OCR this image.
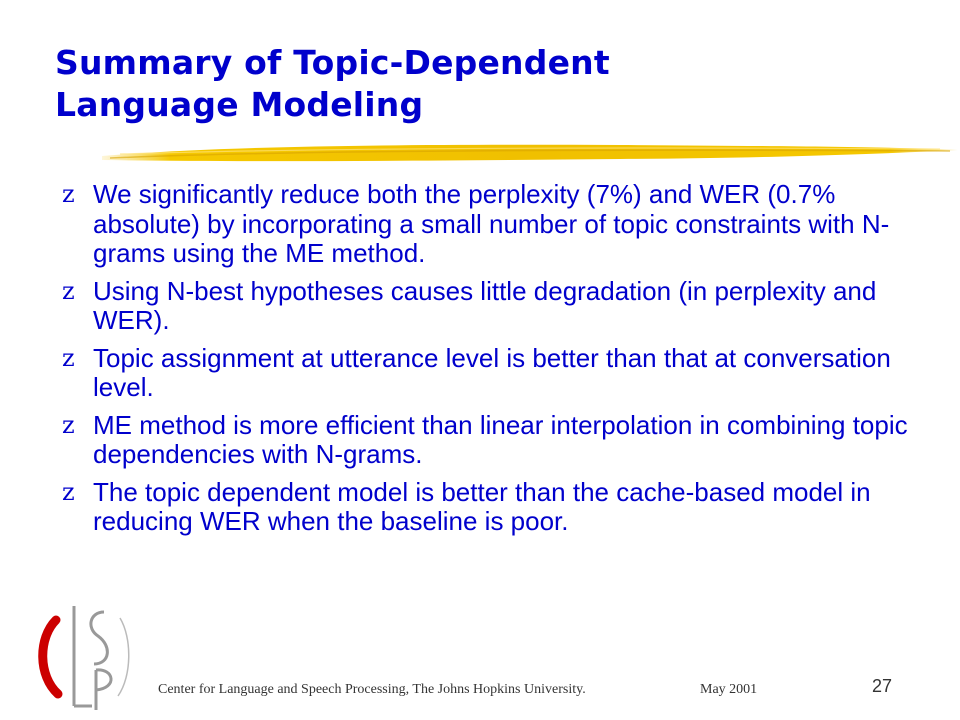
Summary of Topic-Dependent
Language Modeling
z We significantly reduce both the perplexity (7%) and WER (0.7% absolute) by incorporating a small number of topic constraints with N-grams using the ME method.
z Using N-best hypotheses causes little degradation (in perplexity and WER).
z Topic assignment at utterance level is better than that at conversation level.
z ME method is more efficient than linear interpolation in combining topic dependencies with N-grams.
z The topic dependent model is better than the cache-based model in reducing WER when the baseline is poor.
Center for Language and Speech Processing, The Johns Hopkins University.	May 2001	27
